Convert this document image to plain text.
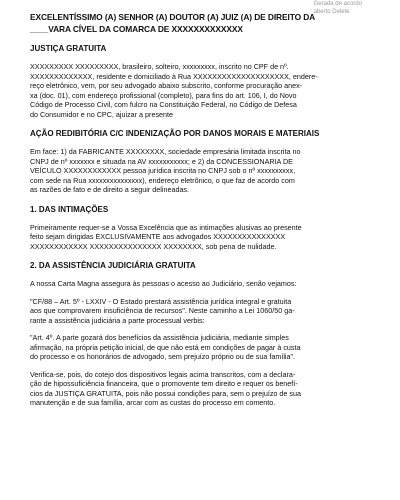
Gerada de acordo
aberto Delete
EXCELENTÍSSIMO (A) SENHOR (A) DOUTOR (A) JUIZ (A) DE DIREITO DA
____VARA CÍVEL DA COMARCA DE XXXXXXXXXXXXX
JUSTIÇA GRATUITA

XXXXXXXXX XXXXXXXXX, brasileiro, solteiro, xxxxxxxxx, inscrito no CPF de nº.
XXXXXXXXXXXXX, residente e domiciliado à Rua XXXXXXXXXXXXXXXXXXXX, endere-
reço eletrônico, vem, por seu advogado abaixo subscrito, conforme procuração anex-
xa (doc. 01), com endereço profissional (completo), para fins do art. 106, I, do Novo
Código de Processo Civil, com fulcro na Constituição Federal, no Código de Defesa
do Consumidor e no CPC, ajuizar a presente

AÇÃO REDIBITÓRIA C/C INDENIZAÇÃO POR DANOS MORAIS E MATERIAIS

Em face: 1) da FABRICANTE XXXXXXXX, sociedade empresária limitada inscrita no
CNPJ de nº xxxxxxx e situada na AV xxxxxxxxxxx; e 2) da CONCESSIONARIA DE
VEÍCULO XXXXXXXXXXXX pessoa jurídica inscrita no CNPJ sob o nº xxxxxxxxxx,
com sede na Rua xxxxxxxxxxxxxxx), endereço eletrônico, o que faz de acordo com
as razões de fato e de direito a seguir delineadas.

1. DAS INTIMAÇÕES

Primeiramente requer-se a Vossa Excelência que as intimações alusivas ao presente
feito sejam dirigidas EXCLUSIVAMENTE aos advogados XXXXXXXXXXXXXXX
XXXXXXXXXXXX XXXXXXXXXXXXXXX XXXXXXXX, sob pena de nulidade.

2. DA ASSISTÊNCIA JUDICIÁRIA GRATUITA

A nossa Carta Magna assegura às pessoas o acesso ao Judiciário, senão vejamos:

"CF/88 – Art. 5º - LXXIV - O Estado prestará assistência jurídica integral e gratuita
aos que comprovarem insuficiência de recursos". Neste caminho a Lei 1060/50 ga-
rante a assistência judiciária a parte processual verbis:

"Art. 4º. A parte gozará dos benefícios da assistência judiciária, mediante simples
afirmação, na própria petição inicial, de que não está em condições de pagar à custa
do processo e os honorários de advogado, sem prejuízo próprio ou de sua família".

Verifica-se, pois, do cotejo dos dispositivos legais acima transcritos, com a declara-
ção de hipossuficiência financeira, que o promovente tem direito e requer os benefí-
cios da JUSTIÇA GRATUITA, pois não possui condições para, sem o prejuízo de sua
manutenção e de sua família, arcar com as custas do processo em comento.
